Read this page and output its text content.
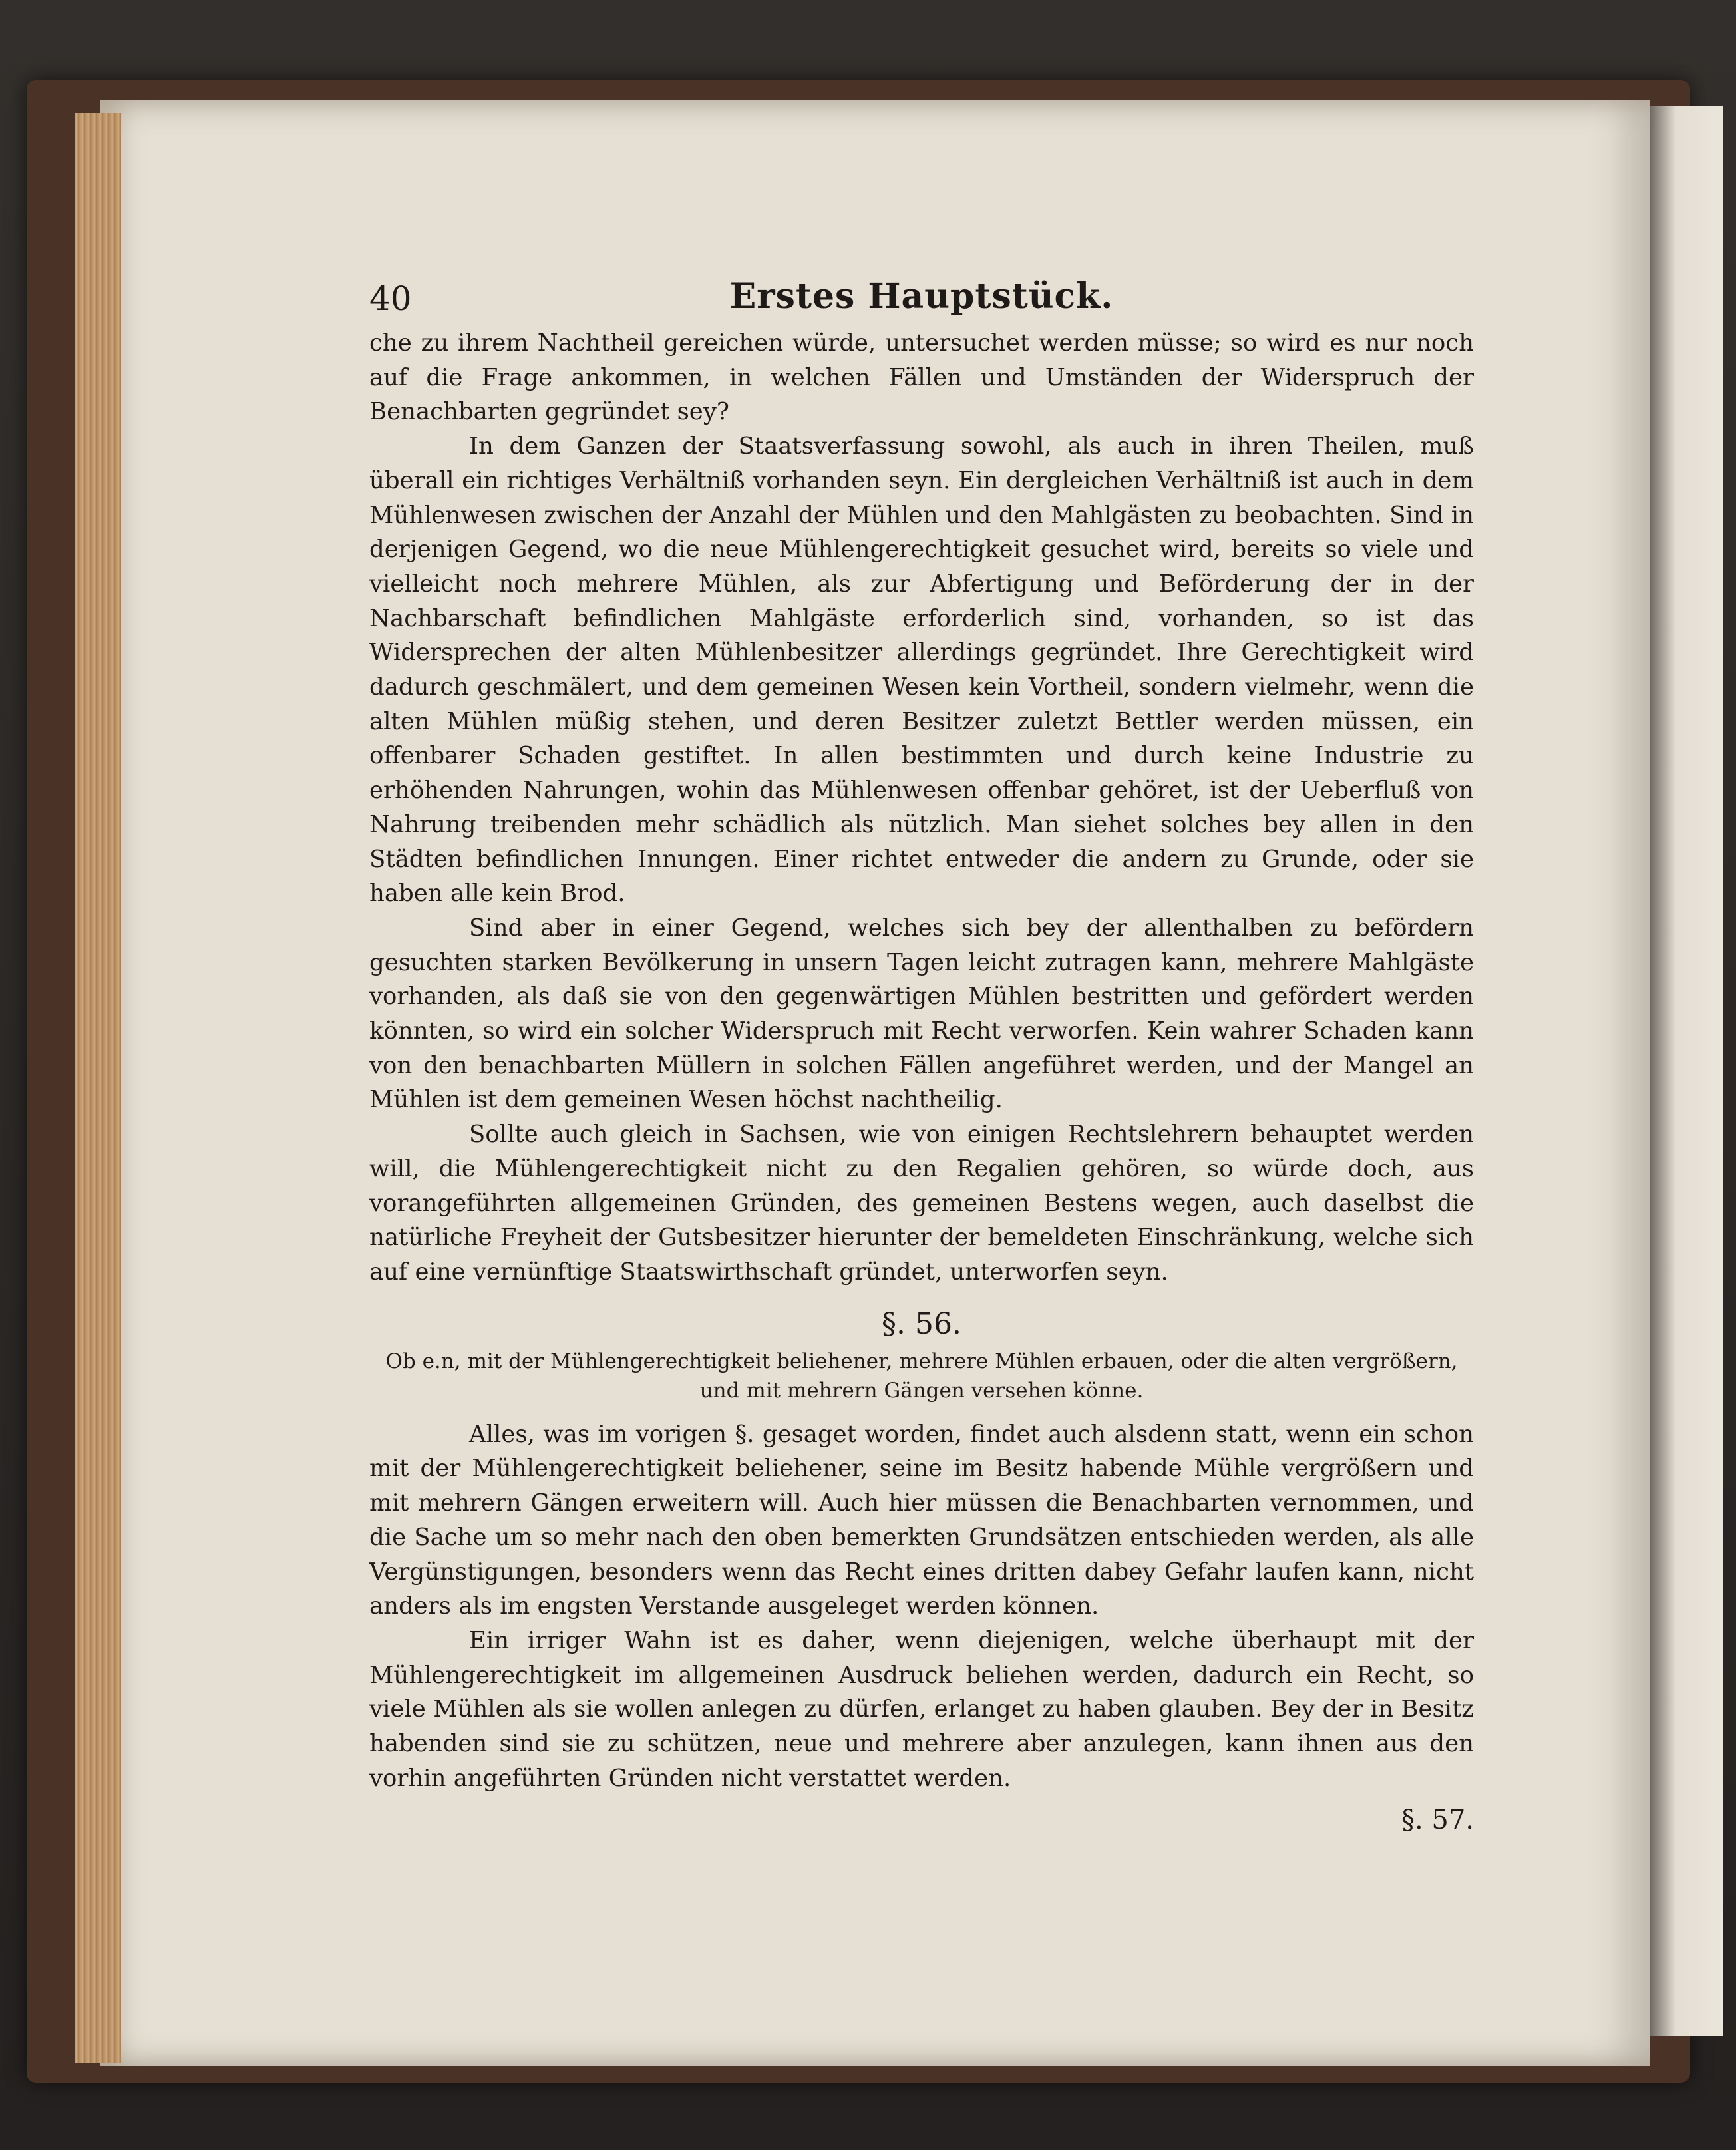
40	Erstes Hauptstück.

che zu ihrem Nachtheil gereichen würde, untersuchet werden müsse; so wird es nur noch auf die Frage ankommen, in welchen Fällen und Umständen der Widerspruch der Benachbarten gegründet sey?

In dem Ganzen der Staatsverfassung sowohl, als auch in ihren Theilen, muß überall ein richtiges Verhältniß vorhanden seyn. Ein dergleichen Verhältniß ist auch in dem Mühlenwesen zwischen der Anzahl der Mühlen und den Mahlgästen zu beobachten. Sind in derjenigen Gegend, wo die neue Mühlengerechtigkeit gesuchet wird, bereits so viele und vielleicht noch mehrere Mühlen, als zur Abfertigung und Beförderung der in der Nachbarschaft befindlichen Mahlgäste erforderlich sind, vorhanden, so ist das Widersprechen der alten Mühlenbesitzer allerdings gegründet. Ihre Gerechtigkeit wird dadurch geschmälert, und dem gemeinen Wesen kein Vortheil, sondern vielmehr, wenn die alten Mühlen müßig stehen, und deren Besitzer zuletzt Bettler werden müssen, ein offenbarer Schaden gestiftet. In allen bestimmten und durch keine Industrie zu erhöhenden Nahrungen, wohin das Mühlenwesen offenbar gehöret, ist der Ueberfluß von Nahrung treibenden mehr schädlich als nützlich. Man siehet solches bey allen in den Städten befindlichen Innungen. Einer richtet entweder die andern zu Grunde, oder sie haben alle kein Brod.

Sind aber in einer Gegend, welches sich bey der allenthalben zu befördern gesuchten starken Bevölkerung in unsern Tagen leicht zutragen kann, mehrere Mahlgäste vorhanden, als daß sie von den gegenwärtigen Mühlen bestritten und gefördert werden könnten, so wird ein solcher Widerspruch mit Recht verworfen. Kein wahrer Schaden kann von den benachbarten Müllern in solchen Fällen angeführet werden, und der Mangel an Mühlen ist dem gemeinen Wesen höchst nachtheilig.

Sollte auch gleich in Sachsen, wie von einigen Rechtslehrern behauptet werden will, die Mühlengerechtigkeit nicht zu den Regalien gehören, so würde doch, aus vorangeführten allgemeinen Gründen, des gemeinen Bestens wegen, auch daselbst die natürliche Freyheit der Gutsbesitzer hierunter der bemeldeten Einschränkung, welche sich auf eine vernünftige Staatswirthschaft gründet, unterworfen seyn.

§. 56.
Ob e.n, mit der Mühlengerechtigkeit beliehener, mehrere Mühlen erbauen, oder die alten vergrößern, und mit mehrern Gängen versehen könne.

Alles, was im vorigen §. gesaget worden, findet auch alsdenn statt, wenn ein schon mit der Mühlengerechtigkeit beliehener, seine im Besitz habende Mühle vergrößern und mit mehrern Gängen erweitern will. Auch hier müssen die Benachbarten vernommen, und die Sache um so mehr nach den oben bemerkten Grundsätzen entschieden werden, als alle Vergünstigungen, besonders wenn das Recht eines dritten dabey Gefahr laufen kann, nicht anders als im engsten Verstande ausgeleget werden können.

Ein irriger Wahn ist es daher, wenn diejenigen, welche überhaupt mit der Mühlengerechtigkeit im allgemeinen Ausdruck beliehen werden, dadurch ein Recht, so viele Mühlen als sie wollen anlegen zu dürfen, erlanget zu haben glauben. Bey der in Besitz habenden sind sie zu schützen, neue und mehrere aber anzulegen, kann ihnen aus den vorhin angeführten Gründen nicht verstattet werden.

§. 57.
